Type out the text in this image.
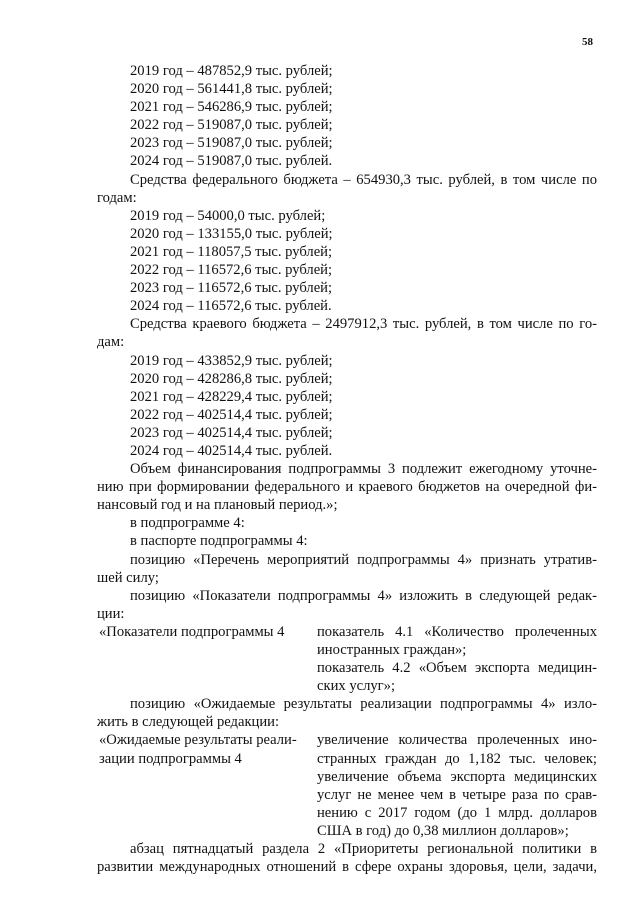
58
2019 год – 487852,9 тыс. рублей;
2020 год – 561441,8 тыс. рублей;
2021 год – 546286,9 тыс. рублей;
2022 год – 519087,0 тыс. рублей;
2023 год – 519087,0 тыс. рублей;
2024 год – 519087,0 тыс. рублей.
Средства федерального бюджета – 654930,3 тыс. рублей, в том числе по
годам:
2019 год – 54000,0 тыс. рублей;
2020 год – 133155,0 тыс. рублей;
2021 год – 118057,5 тыс. рублей;
2022 год – 116572,6 тыс. рублей;
2023 год – 116572,6 тыс. рублей;
2024 год – 116572,6 тыс. рублей.
Средства краевого бюджета – 2497912,3 тыс. рублей, в том числе по го-
дам:
2019 год – 433852,9 тыс. рублей;
2020 год – 428286,8 тыс. рублей;
2021 год – 428229,4 тыс. рублей;
2022 год – 402514,4 тыс. рублей;
2023 год – 402514,4 тыс. рублей;
2024 год – 402514,4 тыс. рублей.
Объем финансирования подпрограммы 3 подлежит ежегодному уточне-
нию при формировании федерального и краевого бюджетов на очередной фи-
нансовый год и на плановый период.»;
в подпрограмме 4:
в паспорте подпрограммы 4:
позицию «Перечень мероприятий подпрограммы 4» признать утратив-
шей силу;
позицию «Показатели подпрограммы 4» изложить в следующей редак-
ции:
«Показатели подпрограммы 4	показатель 4.1 «Количество пролеченных
иностранных граждан»;
показатель 4.2 «Объем экспорта медицин-
ских услуг»;
позицию «Ожидаемые результаты реализации подпрограммы 4» изло-
жить в следующей редакции:
«Ожидаемые результаты реали-
зации подпрограммы 4
увеличение количества пролеченных ино-
странных граждан до 1,182 тыс. человек;
увеличение объема экспорта медицинских
услуг не менее чем в четыре раза по срав-
нению с 2017 годом (до 1 млрд. долларов
США в год) до 0,38 миллион долларов»;
абзац пятнадцатый раздела 2 «Приоритеты региональной политики в
развитии международных отношений в сфере охраны здоровья, цели, задачи,
